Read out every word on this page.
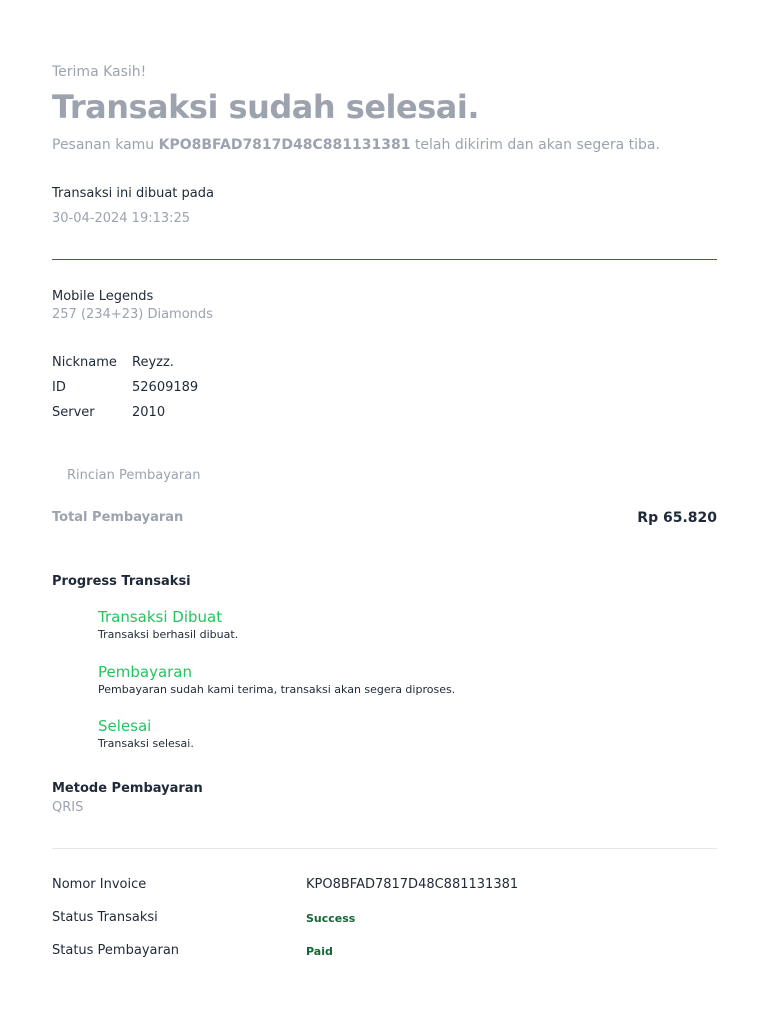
Terima Kasih!
Transaksi sudah selesai.
Pesanan kamu KPO8BFAD7817D48C881131381 telah dikirim dan akan segera tiba.
Transaksi ini dibuat pada
30-04-2024 19:13:25
Mobile Legends
257 (234+23) Diamonds
Nickname Reyzz.
ID	52609189
Server	2010
Rincian Pembayaran
Total Pembayaran	Rp 65.820
Progress Transaksi
Transaksi Dibuat
Transaksi berhasil dibuat.
Pembayaran
Pembayaran sudah kami terima, transaksi akan segera diproses.
Selesai
Transaksi selesai.
Metode Pembayaran
QRIS
Nomor Invoice	KPO8BFAD7817D48C881131381
Status Transaksi	Success
Status Pembayaran	Paid
